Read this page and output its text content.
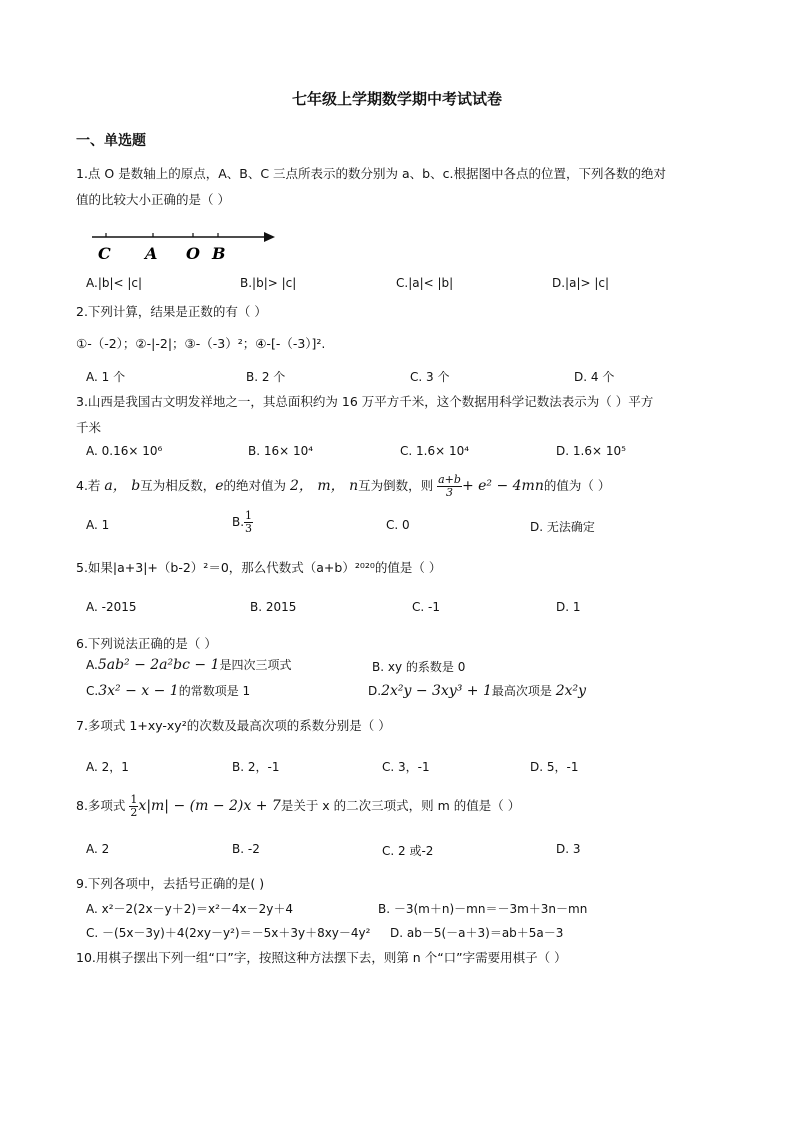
七年级上学期数学期中考试试卷
一、单选题
1.点 O 是数轴上的原点，A、B、C 三点所表示的数分别为 a、b、c.根据图中各点的位置，下列各数的绝对
值的比较大小正确的是（ ）
C A O B
A.|b|< |c|	B.|b|> |c|	C.|a|< |b|	D.|a|> |c|
2.下列计算，结果是正数的有（ ）
①-（-2）；②-|-2|；③-（-3）²；④-[-（-3）]².
A. 1 个	B. 2 个	C. 3 个	D. 4 个
3.山西是我国古文明发祥地之一，其总面积约为 16 万平方千米，这个数据用科学记数法表示为（ ）平方
千米
A. 0.16× 10⁶	B. 16× 10⁴	C. 1.6× 10⁴	D. 1.6× 10⁵
4.若 a， b互为相反数，e的绝对值为 2， m， n互为倒数，则 $\frac{a+b}{3} + e^2 - 4mn$的值为（ ）
A. 1	B. $\frac{1}{3}$	C. 0	D. 无法确定
5.如果|a+3|+（b-2）²＝0，那么代数式（a+b）²⁰²⁰的值是（ ）
A. -2015	B. 2015	C. -1	D. 1
6.下列说法正确的是（ ）
A.5ab² − 2a²bc − 1是四次三项式	B. xy 的系数是 0
C.3x² − x − 1的常数项是 1	D.2x²y − 3xy³ + 1最高次项是 2x²y
7.多项式 1+xy-xy²的次数及最高次项的系数分别是（ ）
A. 2，1	B. 2，-1	C. 3，-1	D. 5，-1
8.多项式 $\frac{1}{2} x|m| - (m - 2)x + 7$是关于 x 的二次三项式，则 m 的值是（ ）
A. 2	B. -2	C. 2 或-2	D. 3
9.下列各项中，去括号正确的是( )
A. x²－2(2x－y＋2)＝x²－4x－2y＋4	B. －3(m＋n)－mn＝－3m＋3n－mn
C. －(5x－3y)＋4(2xy－y²)＝－5x＋3y＋8xy－4y² D. ab－5(－a＋3)＝ab＋5a－3
10.用棋子摆出下列一组“口”字，按照这种方法摆下去，则第 n 个“口”字需要用棋子（ ）
